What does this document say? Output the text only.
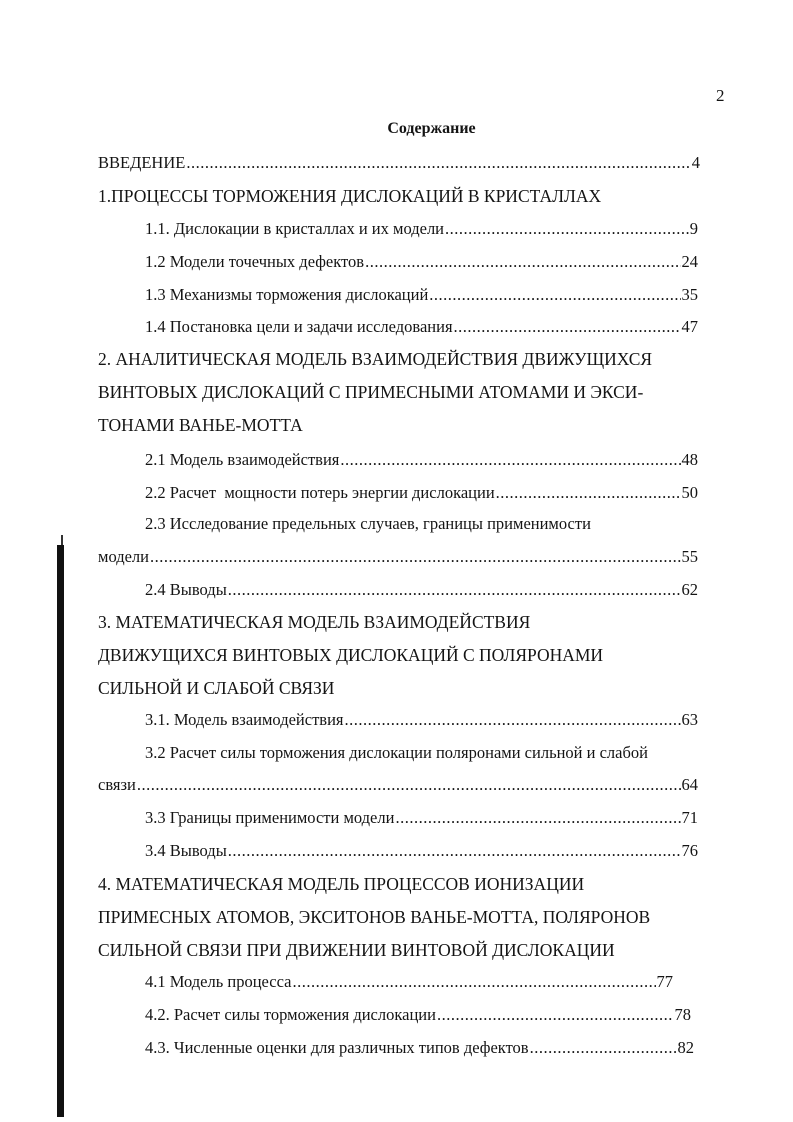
2
Содержание
ВВЕДЕНИЕ .....	4
1.ПРОЦЕССЫ ТОРМОЖЕНИЯ ДИСЛОКАЦИЙ В КРИСТАЛЛАХ
1.1. Дислокации в кристаллах и их модели .....	9
1.2 Модели точечных дефектов .....	24
1.3 Механизмы торможения дислокаций .....	35
1.4 Постановка цели и задачи исследования .....	47
2. АНАЛИТИЧЕСКАЯ МОДЕЛЬ ВЗАИМОДЕЙСТВИЯ ДВИЖУЩИХСЯ
ВИНТОВЫХ ДИСЛОКАЦИЙ С ПРИМЕСНЫМИ АТОМАМИ И ЭКСИ-
ТОНАМИ ВАНЬЕ-МОТТА
2.1 Модель взаимодействия .....	48
2.2 Расчет  мощности потерь энергии дислокации .....	50
2.3 Исследование предельных случаев, границы применимости
модели .....	55
2.4 Выводы .....	62
3. МАТЕМАТИЧЕСКАЯ МОДЕЛЬ ВЗАИМОДЕЙСТВИЯ
ДВИЖУЩИХСЯ ВИНТОВЫХ ДИСЛОКАЦИЙ С ПОЛЯРОНАМИ
СИЛЬНОЙ И СЛАБОЙ СВЯЗИ
3.1. Модель взаимодействия .....	63
3.2 Расчет силы торможения дислокации поляронами сильной и слабой
связи .....	64
3.3 Границы применимости модели .....	71
3.4 Выводы .....	76
4. МАТЕМАТИЧЕСКАЯ МОДЕЛЬ ПРОЦЕССОВ ИОНИЗАЦИИ
ПРИМЕСНЫХ АТОМОВ, ЭКСИТОНОВ ВАНЬЕ-МОТТА, ПОЛЯРОНОВ
СИЛЬНОЙ СВЯЗИ ПРИ ДВИЖЕНИИ ВИНТОВОЙ ДИСЛОКАЦИИ
4.1 Модель процесса .....	77
4.2. Расчет силы торможения дислокации .....	78
4.3. Численные оценки для различных типов дефектов .....	82
